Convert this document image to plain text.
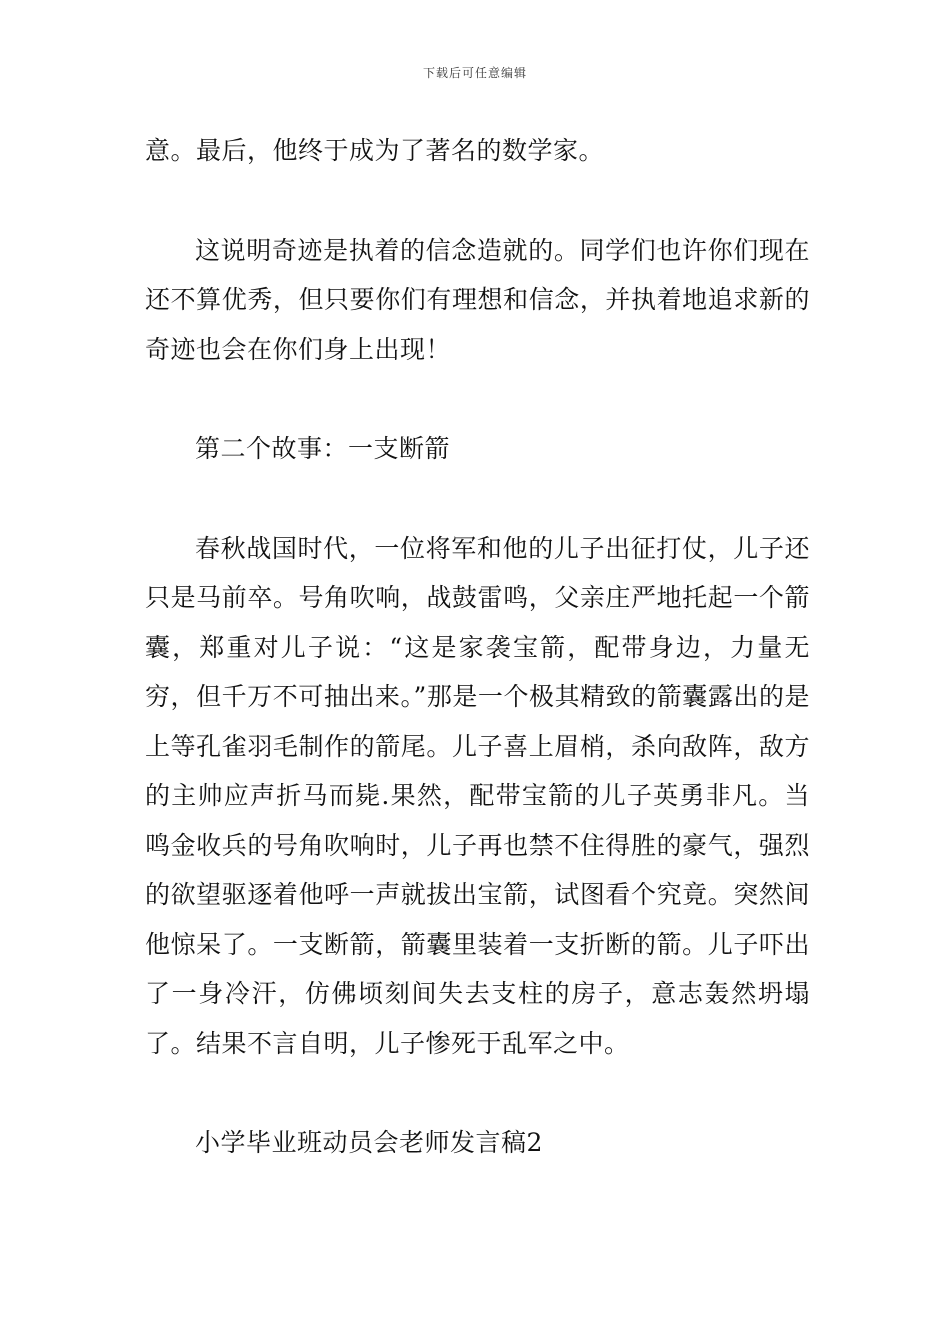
下载后可任意编辑

意。最后，他终于成为了著名的数学家。

这说明奇迹是执着的信念造就的。同学们也许你们现在还不算优秀，但只要你们有理想和信念，并执着地追求新的奇迹也会在你们身上出现！

第二个故事：一支断箭

春秋战国时代，一位将军和他的儿子出征打仗，儿子还只是马前卒。号角吹响，战鼓雷鸣，父亲庄严地托起一个箭囊，郑重对儿子说：“这是家袭宝箭，配带身边，力量无穷，但千万不可抽出来。”那是一个极其精致的箭囊露出的是上等孔雀羽毛制作的箭尾。儿子喜上眉梢，杀向敌阵，敌方的主帅应声折马而毙.果然，配带宝箭的儿子英勇非凡。当鸣金收兵的号角吹响时，儿子再也禁不住得胜的豪气，强烈的欲望驱逐着他呼一声就拔出宝箭，试图看个究竟。突然间他惊呆了。一支断箭，箭囊里装着一支折断的箭。儿子吓出了一身冷汗，仿佛顷刻间失去支柱的房子，意志轰然坍塌了。结果不言自明，儿子惨死于乱军之中。

小学毕业班动员会老师发言稿2
